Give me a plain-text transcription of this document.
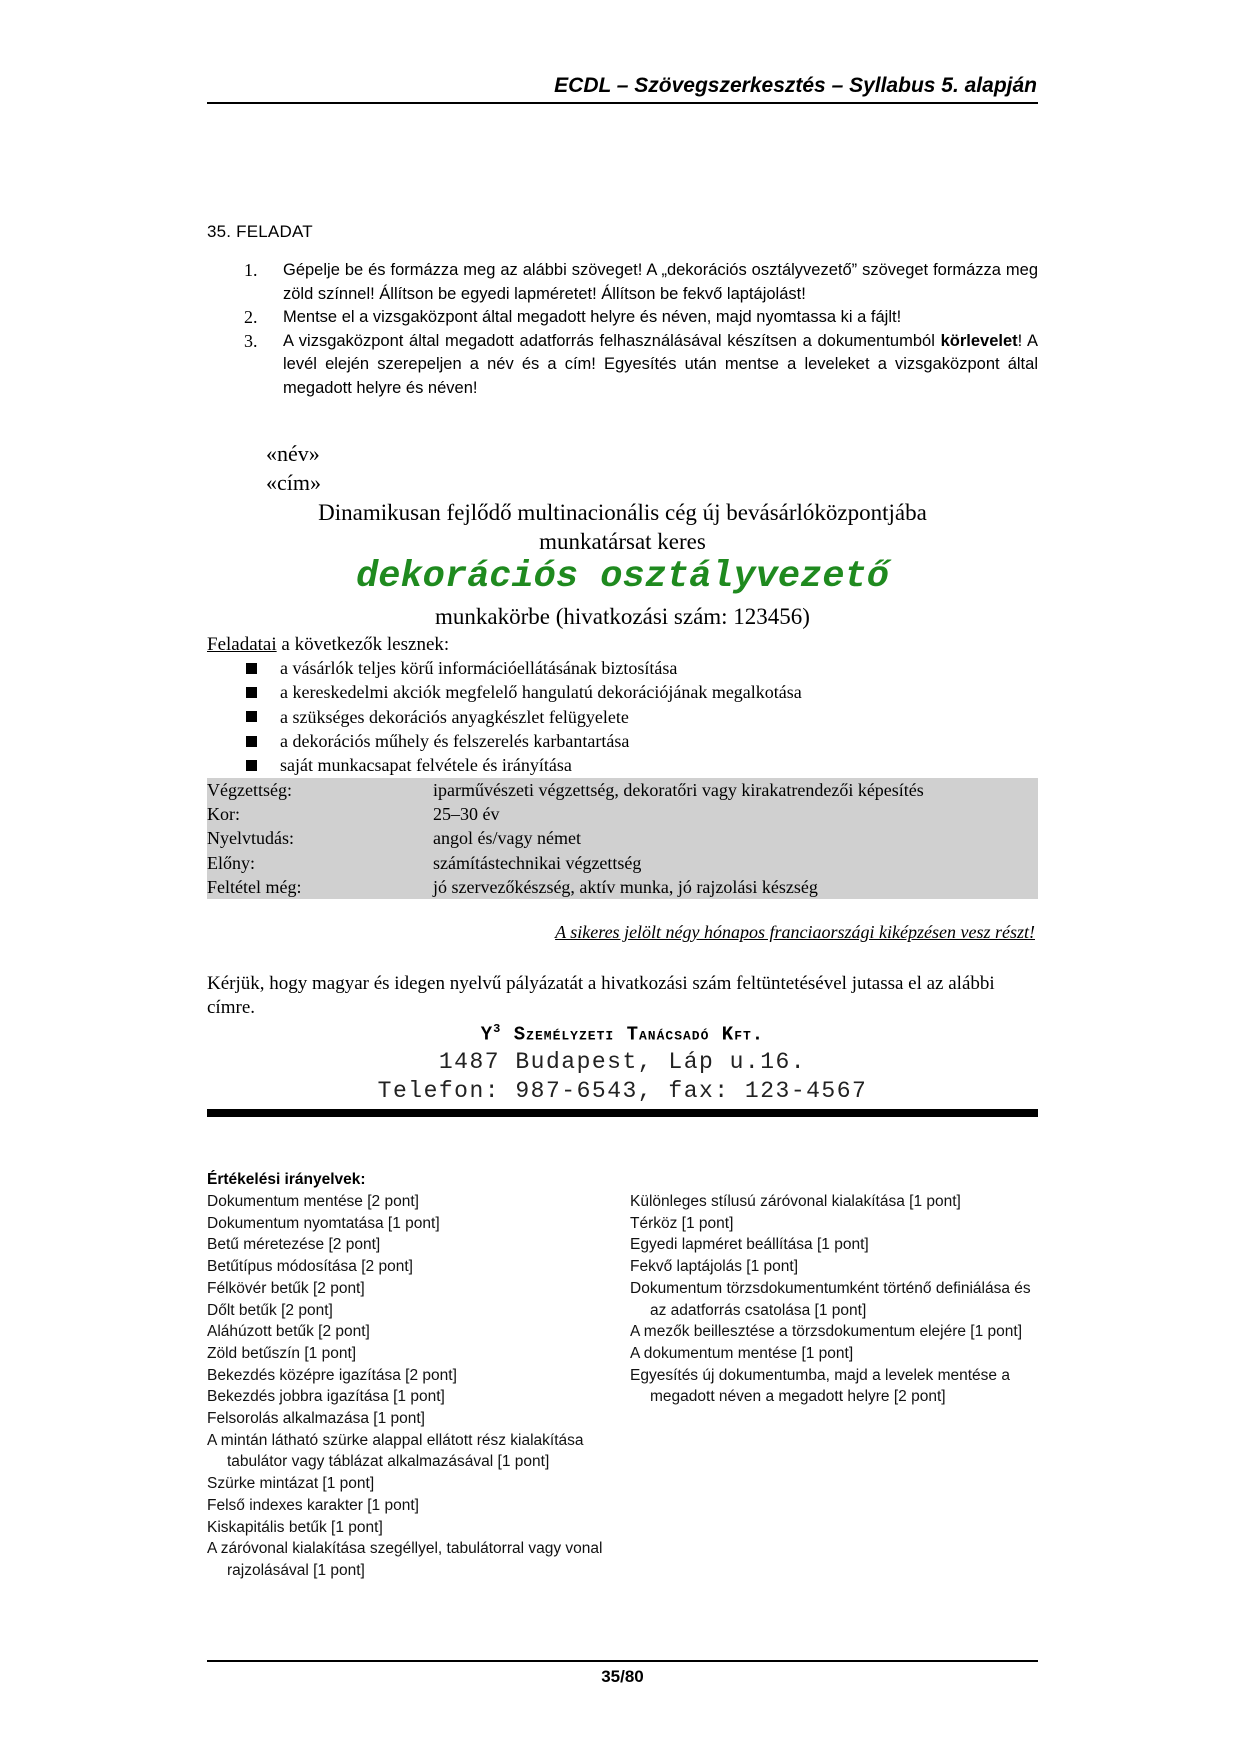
ECDL – Szövegszerkesztés – Syllabus 5. alapján
35. FELADAT
1.	Gépelje be és formázza meg az alábbi szöveget! A „dekorációs osztályvezető” szöveget formázza meg zöld színnel! Állítson be egyedi lapméretet! Állítson be fekvő laptájolást!
2.	Mentse el a vizsgaközpont által megadott helyre és néven, majd nyomtassa ki a fájlt!
3.	A vizsgaközpont által megadott adatforrás felhasználásával készítsen a dokumentumból körlevelet! A levél elején szerepeljen a név és a cím! Egyesítés után mentse a leveleket a vizsgaközpont által megadott helyre és néven!
«név»
«cím»
Dinamikusan fejlődő multinacionális cég új bevásárlóközpontjába
munkatársat keres
dekorációs osztályvezető
munkakörbe (hivatkozási szám: 123456)
Feladatai a következők lesznek:
a vásárlók teljes körű információellátásának biztosítása
a kereskedelmi akciók megfelelő hangulatú dekorációjának megalkotása
a szükséges dekorációs anyagkészlet felügyelete
a dekorációs műhely és felszerelés karbantartása
saját munkacsapat felvétele és irányítása
Végzettség:	iparművészeti végzettség, dekoratőri vagy kirakatrendezői képesítés
Kor:	25–30 év
Nyelvtudás:	angol és/vagy német
Előny:	számítástechnikai végzettség
Feltétel még:	jó szervezőkészség, aktív munka, jó rajzolási készség
A sikeres jelölt négy hónapos franciaországi kiképzésen vesz részt!
Kérjük, hogy magyar és idegen nyelvű pályázatát a hivatkozási szám feltüntetésével jutassa el az alábbi címre.
$Y^3$ Személyzeti Tanácsadó Kft.
1487 Budapest, Láp u.16.
Telefon: 987-6543, fax: 123-4567
Értékelési irányelvek:
Dokumentum mentése [2 pont]
Dokumentum nyomtatása [1 pont]
Betű méretezése [2 pont]
Betűtípus módosítása [2 pont]
Félkövér betűk [2 pont]
Dőlt betűk [2 pont]
Aláhúzott betűk [2 pont]
Zöld betűszín [1 pont]
Bekezdés középre igazítása [2 pont]
Bekezdés jobbra igazítása [1 pont]
Felsorolás alkalmazása [1 pont]
A mintán látható szürke alappal ellátott rész kialakítása tabulátor vagy táblázat alkalmazásával [1 pont]
Szürke mintázat [1 pont]
Felső indexes karakter [1 pont]
Kiskapitális betűk [1 pont]
A záróvonal kialakítása szegéllyel, tabulátorral vagy vonal rajzolásával [1 pont]
Különleges stílusú záróvonal kialakítása [1 pont]
Térköz [1 pont]
Egyedi lapméret beállítása [1 pont]
Fekvő laptájolás [1 pont]
Dokumentum törzsdokumentumként történő definiálása és az adatforrás csatolása [1 pont]
A mezők beillesztése a törzsdokumentum elejére [1 pont]
A dokumentum mentése [1 pont]
Egyesítés új dokumentumba, majd a levelek mentése a megadott néven a megadott helyre [2 pont]
35/80
